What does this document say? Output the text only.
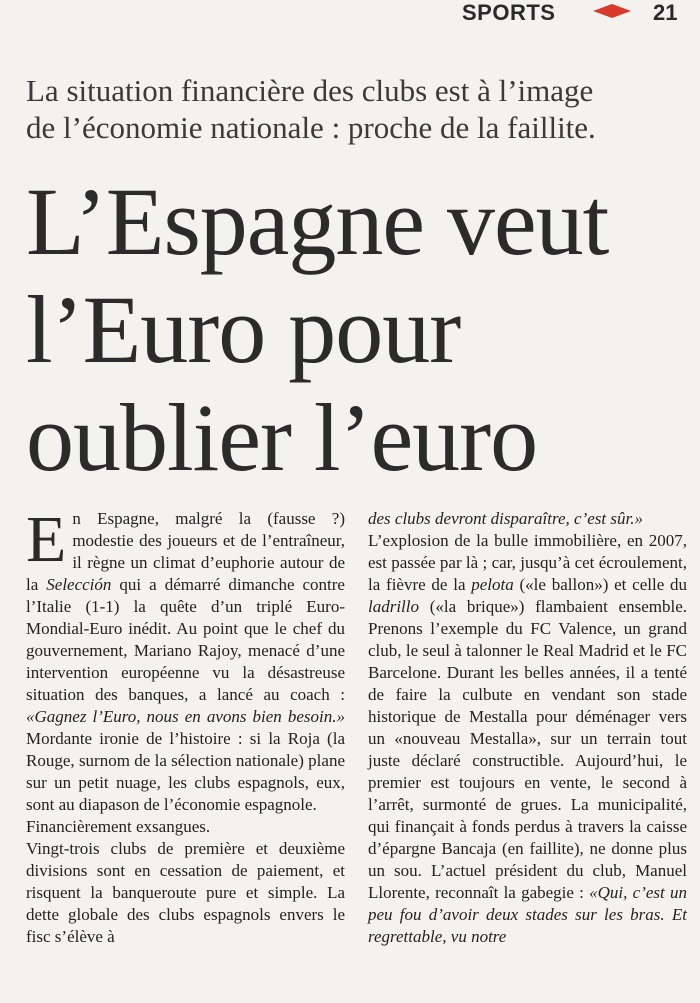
SPORTS	21
La situation financière des clubs est à l’image
de l’économie nationale : proche de la faillite.
L’Espagne veut
l’Euro pour
oublier l’euro

En Espagne, malgré la (fausse ?) modestie des joueurs et de l’entraîneur, il règne un climat d’euphorie autour de la Selección qui a démarré dimanche contre l’Italie (1-1) la quête d’un triplé Euro-Mondial-Euro inédit. Au point que le chef du gouvernement, Mariano Rajoy, menacé d’une intervention européenne vu la désastreuse situation des banques, a lancé au coach : «Gagnez l’Euro, nous en avons bien besoin.» Mordante ironie de l’histoire : si la Roja (la Rouge, surnom de la sélection nationale) plane sur un petit nuage, les clubs espagnols, eux, sont au diapason de l’économie espagnole.

Financièrement exsangues.

Vingt-trois clubs de première et deuxième divisions sont en cessation de paiement, et risquent la banqueroute pure et simple. La dette globale des clubs espagnols envers le fisc s’élève à

des clubs devront disparaître, c’est sûr.»

L’explosion de la bulle immobilière, en 2007, est passée par là ; car, jusqu’à cet écroulement, la fièvre de la pelota («le ballon») et celle du ladrillo («la brique») flambaient ensemble. Prenons l’exemple du FC Valence, un grand club, le seul à talonner le Real Madrid et le FC Barcelone. Durant les belles années, il a tenté de faire la culbute en vendant son stade historique de Mestalla pour déménager vers un «nouveau Mestalla», sur un terrain tout juste déclaré constructible. Aujourd’hui, le premier est toujours en vente, le second à l’arrêt, surmonté de grues. La municipalité, qui finançait à fonds perdus à travers la caisse d’épargne Bancaja (en faillite), ne donne plus un sou. L’actuel président du club, Manuel Llorente, reconnaît la gabegie : «Qui, c’est un peu fou d’avoir deux stades sur les bras. Et regrettable, vu notre
